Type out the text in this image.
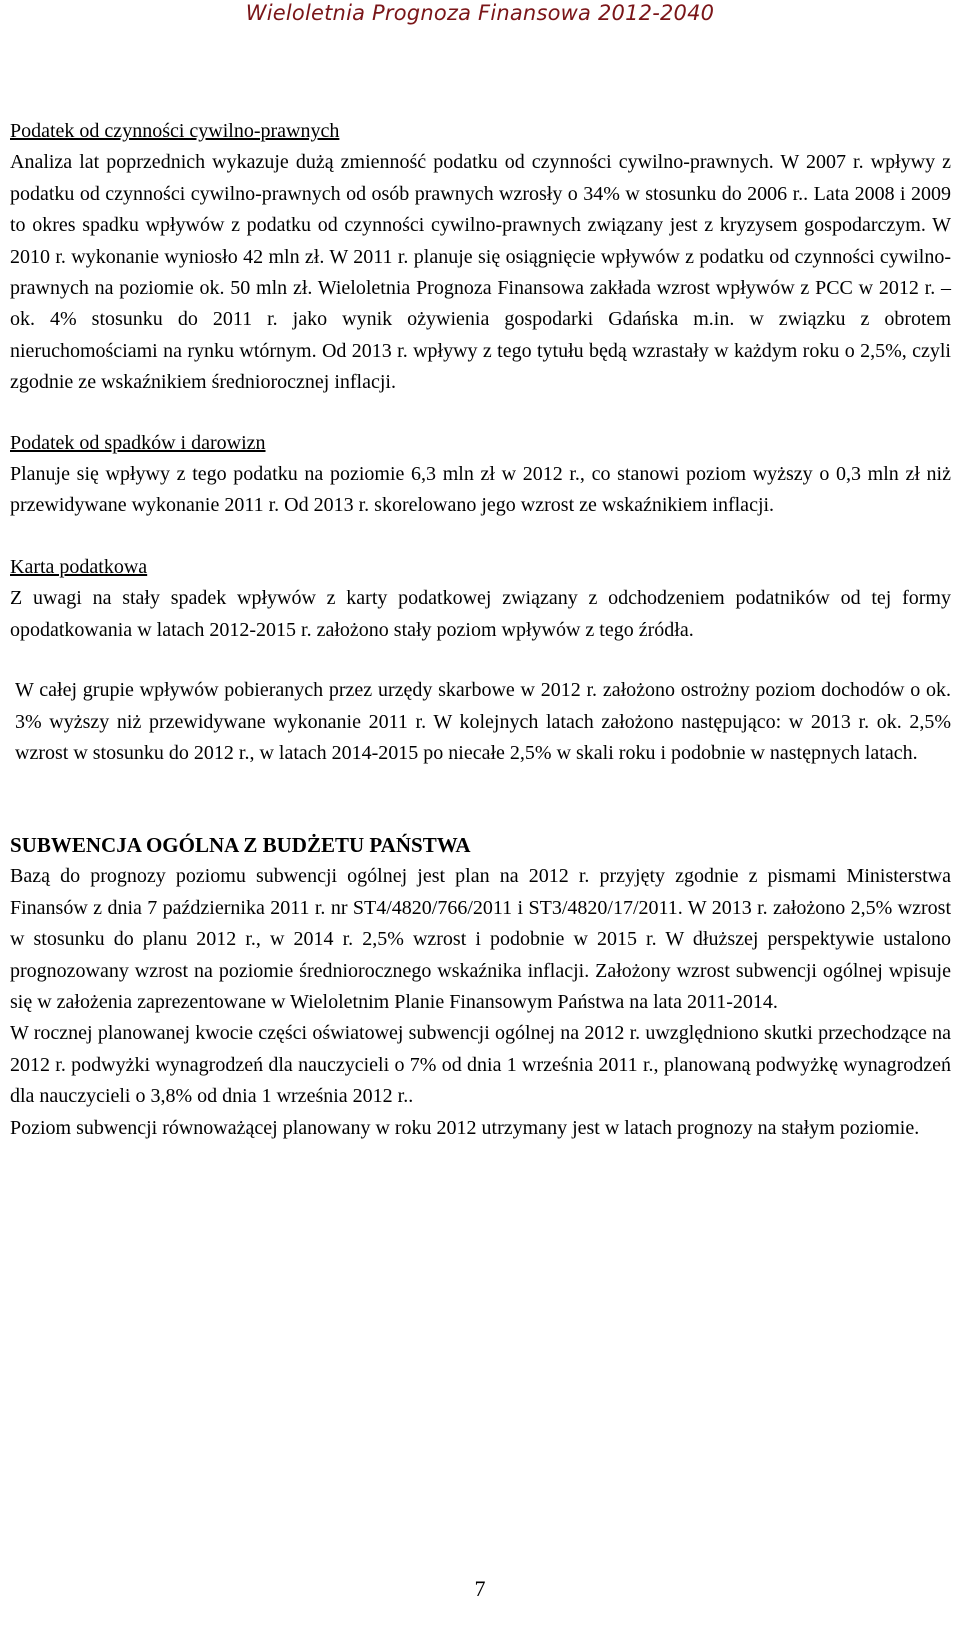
Wieloletnia Prognoza Finansowa 2012-2040
Podatek od czynności cywilno-prawnych

Analiza lat poprzednich wykazuje dużą zmienność podatku od czynności cywilno-prawnych. W 2007 r. wpływy z podatku od czynności cywilno-prawnych od osób prawnych wzrosły o 34% w stosunku do 2006 r.. Lata 2008 i 2009 to okres spadku wpływów z podatku od czynności cywilno-prawnych związany jest z kryzysem gospodarczym. W 2010 r. wykonanie wyniosło 42 mln zł. W 2011 r. planuje się osiągnięcie wpływów z podatku od czynności cywilno-prawnych na poziomie ok. 50 mln zł. Wieloletnia Prognoza Finansowa zakłada wzrost wpływów z PCC w 2012 r. – ok. 4% stosunku do 2011 r. jako wynik ożywienia gospodarki Gdańska m.in. w związku z obrotem nieruchomościami na rynku wtórnym. Od 2013 r. wpływy z tego tytułu będą wzrastały w każdym roku o 2,5%, czyli zgodnie ze wskaźnikiem średniorocznej inflacji.

Podatek od spadków i darowizn

Planuje się wpływy z tego podatku na poziomie 6,3 mln zł w 2012 r., co stanowi poziom wyższy o 0,3 mln zł niż przewidywane wykonanie 2011 r. Od 2013 r. skorelowano jego wzrost ze wskaźnikiem inflacji.

Karta podatkowa

Z uwagi na stały spadek wpływów z karty podatkowej związany z odchodzeniem podatników od tej formy opodatkowania w latach 2012-2015 r. założono stały poziom wpływów z tego źródła.

W całej grupie wpływów pobieranych przez urzędy skarbowe w 2012 r. założono ostrożny poziom dochodów o ok. 3% wyższy niż przewidywane wykonanie 2011 r. W kolejnych latach założono następująco: w 2013 r. ok. 2,5% wzrost w stosunku do 2012 r., w latach 2014-2015 po niecałe 2,5% w skali roku i podobnie w następnych latach.

SUBWENCJA OGÓLNA Z BUDŻETU PAŃSTWA

Bazą do prognozy poziomu subwencji ogólnej jest plan na 2012 r. przyjęty zgodnie z pismami Ministerstwa Finansów z dnia 7 października 2011 r. nr ST4/4820/766/2011 i ST3/4820/17/2011. W 2013 r. założono 2,5% wzrost w stosunku do planu 2012 r., w 2014 r. 2,5% wzrost i podobnie w 2015 r. W dłuższej perspektywie ustalono prognozowany wzrost na poziomie średniorocznego wskaźnika inflacji. Założony wzrost subwencji ogólnej wpisuje się w założenia zaprezentowane w Wieloletnim Planie Finansowym Państwa na lata 2011-2014.

W rocznej planowanej kwocie części oświatowej subwencji ogólnej na 2012 r. uwzględniono skutki przechodzące na 2012 r. podwyżki wynagrodzeń dla nauczycieli o 7% od dnia 1 września 2011 r., planowaną podwyżkę wynagrodzeń dla nauczycieli o 3,8% od dnia 1 września 2012 r..

Poziom subwencji równoważącej planowany w roku 2012 utrzymany jest w latach prognozy na stałym poziomie.

7
